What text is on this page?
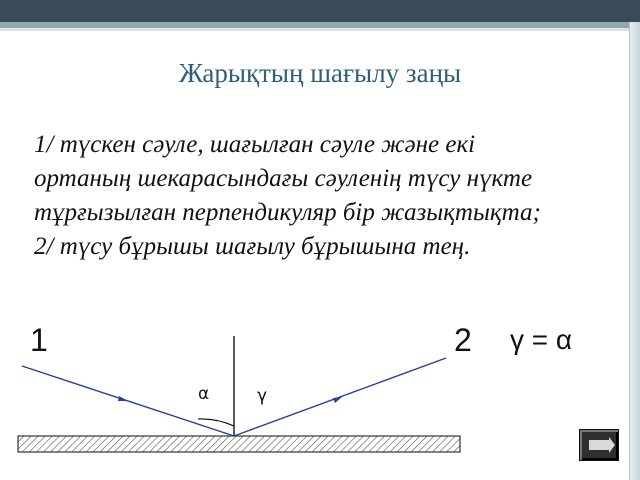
Жарықтың шағылу заңы
1/ түскен сәуле, шағылған сәуле және екі ортаның шекарасындағы сәуленің түсу нүкте тұрғызылған перпендикуляр бір жазықтықта; 2/ түсу бұрышы шағылу бұрышына тең.
1	2 γ = α
α	γ
